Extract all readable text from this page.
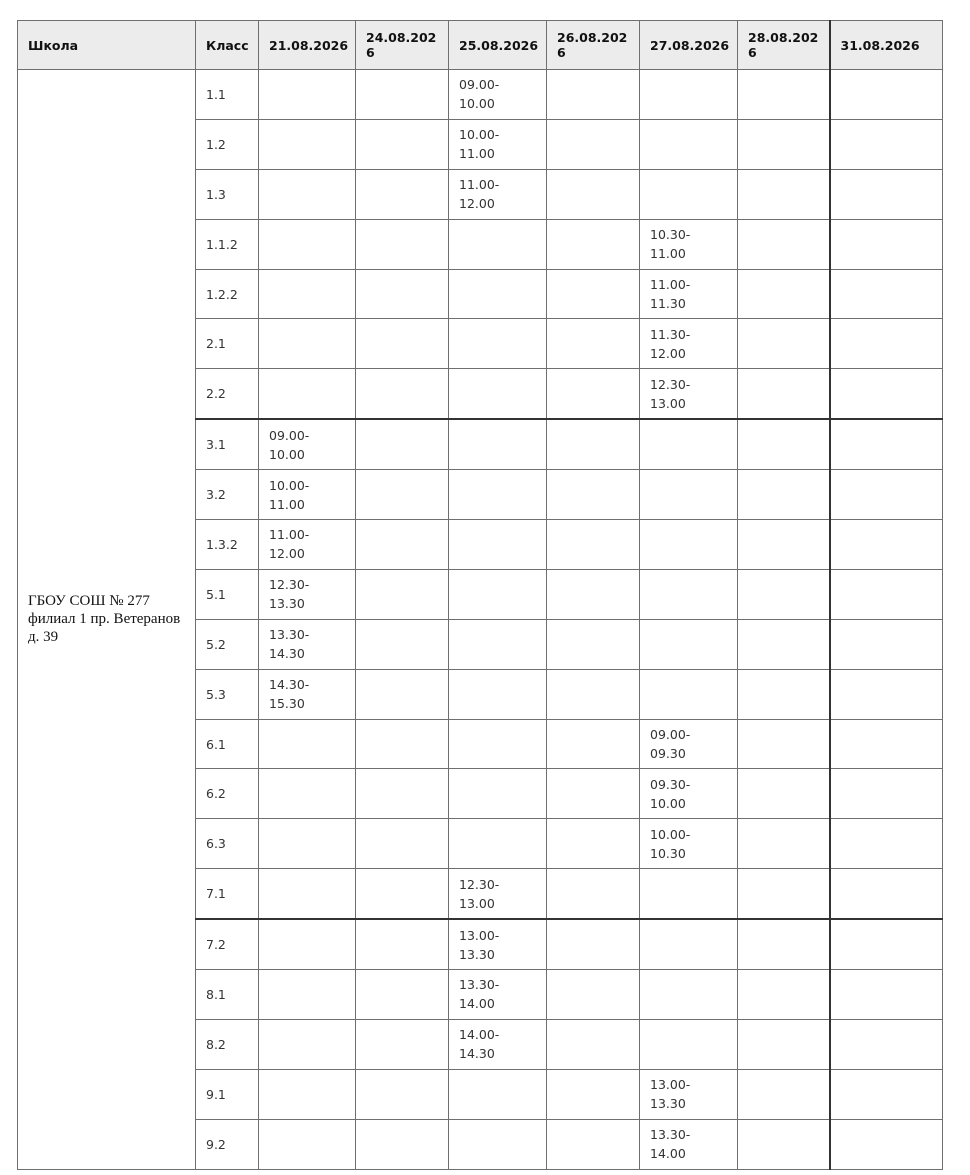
Школа	Класс	21.08.2026	24.08.202
6	25.08.2026	26.08.202
6	27.08.2026	28.08.202
6	31.08.2026
ГБОУ СОШ № 277 филиал 1 пр. Ветеранов д. 39	1.1			09.00-
10.00				
	1.2			10.00-
11.00				
	1.3			11.00-
12.00				
	1.1.2					10.30-
11.00		
	1.2.2					11.00-
11.30		
	2.1					11.30-
12.00		
	2.2					12.30-
13.00		
	3.1	09.00-
10.00						
	3.2	10.00-
11.00						
	1.3.2	11.00-
12.00						
	5.1	12.30-
13.30						
	5.2	13.30-
14.30						
	5.3	14.30-
15.30						
	6.1					09.00-
09.30		
	6.2					09.30-
10.00		
	6.3					10.00-
10.30		
	7.1			12.30-
13.00				
	7.2			13.00-
13.30				
	8.1			13.30-
14.00				
	8.2			14.00-
14.30				
	9.1					13.00-
13.30		
	9.2					13.30-
14.00		
